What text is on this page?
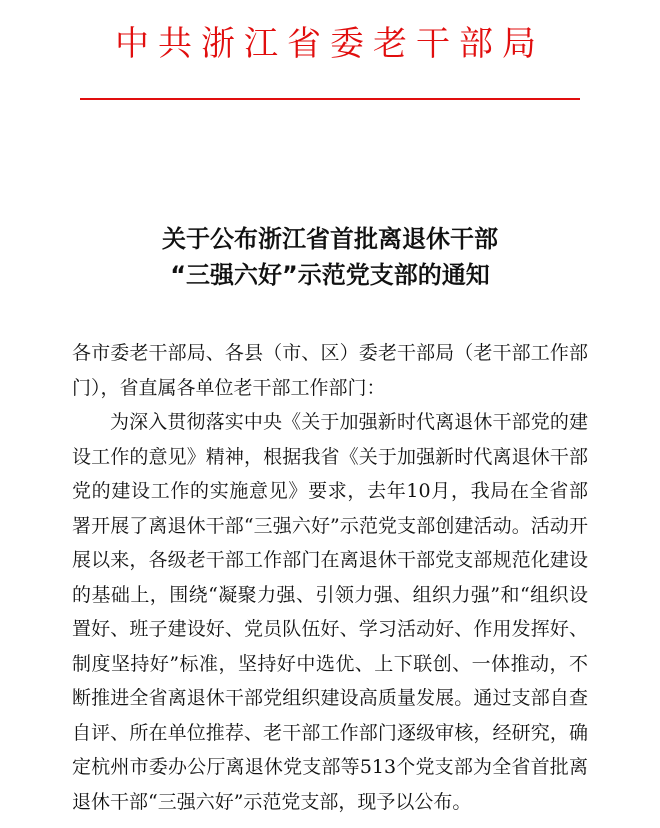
中共浙江省委老干部局
关于公布浙江省首批离退休干部
“三强六好”示范党支部的通知

各市委老干部局、各县（市、区）委老干部局（老干部工作部门），省直属各单位老干部工作部门：

为深入贯彻落实中央《关于加强新时代离退休干部党的建设工作的意见》精神，根据我省《关于加强新时代离退休干部党的建设工作的实施意见》要求，去年10月，我局在全省部署开展了离退休干部“三强六好”示范党支部创建活动。活动开展以来，各级老干部工作部门在离退休干部党支部规范化建设的基础上，围绕“凝聚力强、引领力强、组织力强”和“组织设置好、班子建设好、党员队伍好、学习活动好、作用发挥好、制度坚持好”标准，坚持好中选优、上下联创、一体推动，不断推进全省离退休干部党组织建设高质量发展。通过支部自查自评、所在单位推荐、老干部工作部门逐级审核，经研究，确定杭州市委办公厅离退休党支部等513个党支部为全省首批离退休干部“三强六好”示范党支部，现予以公布。
